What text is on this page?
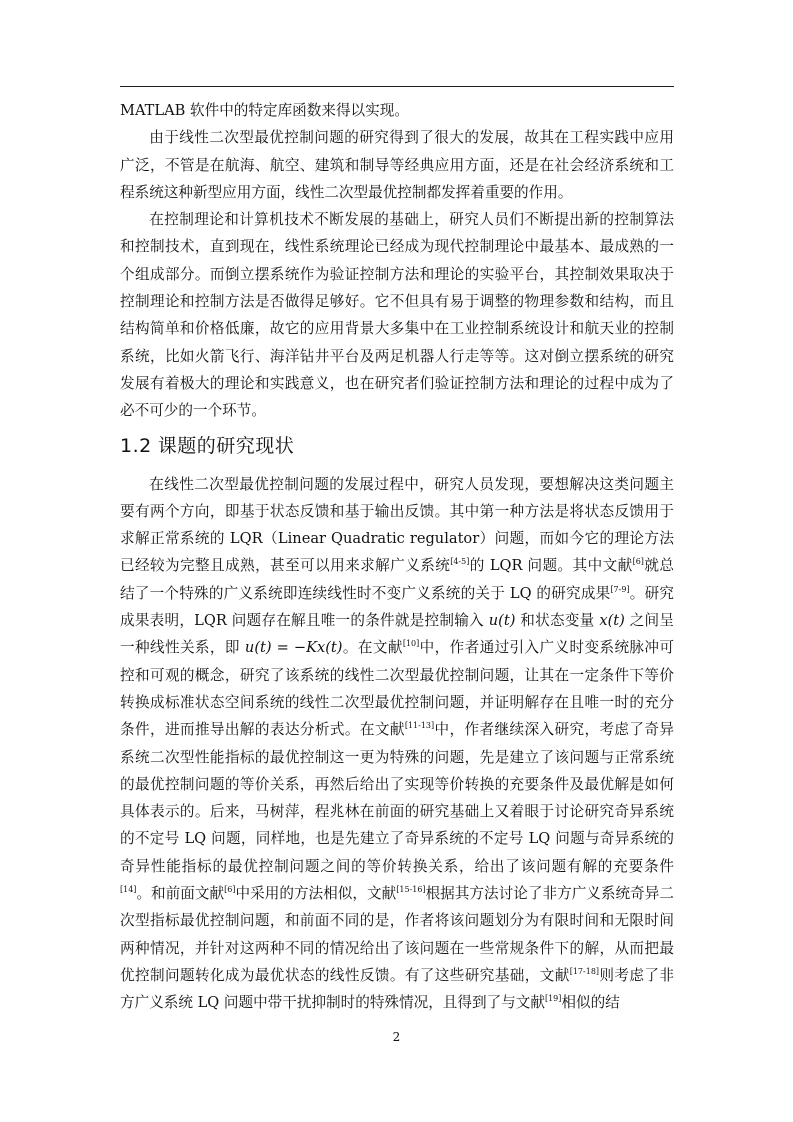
MATLAB 软件中的特定库函数来得以实现。

由于线性二次型最优控制问题的研究得到了很大的发展，故其在工程实践中应用广泛，不管是在航海、航空、建筑和制导等经典应用方面，还是在社会经济系统和工程系统这种新型应用方面，线性二次型最优控制都发挥着重要的作用。

在控制理论和计算机技术不断发展的基础上，研究人员们不断提出新的控制算法和控制技术，直到现在，线性系统理论已经成为现代控制理论中最基本、最成熟的一个组成部分。而倒立摆系统作为验证控制方法和理论的实验平台，其控制效果取决于控制理论和控制方法是否做得足够好。它不但具有易于调整的物理参数和结构，而且结构简单和价格低廉，故它的应用背景大多集中在工业控制系统设计和航天业的控制系统，比如火箭飞行、海洋钻井平台及两足机器人行走等等。这对倒立摆系统的研究发展有着极大的理论和实践意义，也在研究者们验证控制方法和理论的过程中成为了必不可少的一个环节。

1.2 课题的研究现状

在线性二次型最优控制问题的发展过程中，研究人员发现，要想解决这类问题主要有两个方向，即基于状态反馈和基于输出反馈。其中第一种方法是将状态反馈用于求解正常系统的 LQR（Linear Quadratic regulator）问题，而如今它的理论方法已经较为完整且成熟，甚至可以用来求解广义系统[4-5]的 LQR 问题。其中文献[6]就总结了一个特殊的广义系统即连续线性时不变广义系统的关于 LQ 的研究成果[7-9]。研究成果表明，LQR 问题存在解且唯一的条件就是控制输入 u(t) 和状态变量 x(t) 之间呈一种线性关系，即 u(t) = −Kx(t)。在文献[10]中，作者通过引入广义时变系统脉冲可控和可观的概念，研究了该系统的线性二次型最优控制问题，让其在一定条件下等价转换成标准状态空间系统的线性二次型最优控制问题，并证明解存在且唯一时的充分条件，进而推导出解的表达分析式。在文献[11-13]中，作者继续深入研究，考虑了奇异系统二次型性能指标的最优控制这一更为特殊的问题，先是建立了该问题与正常系统的最优控制问题的等价关系，再然后给出了实现等价转换的充要条件及最优解是如何具体表示的。后来，马树萍，程兆林在前面的研究基础上又着眼于讨论研究奇异系统的不定号 LQ 问题，同样地，也是先建立了奇异系统的不定号 LQ 问题与奇异系统的奇异性能指标的最优控制问题之间的等价转换关系，给出了该问题有解的充要条件[14]。和前面文献[6]中采用的方法相似，文献[15-16]根据其方法讨论了非方广义系统奇异二次型指标最优控制问题，和前面不同的是，作者将该问题划分为有限时间和无限时间两种情况，并针对这两种不同的情况给出了该问题在一些常规条件下的解，从而把最优控制问题转化成为最优状态的线性反馈。有了这些研究基础，文献[17-18]则考虑了非方广义系统 LQ 问题中带干扰抑制时的特殊情况，且得到了与文献[19]相似的结

2
